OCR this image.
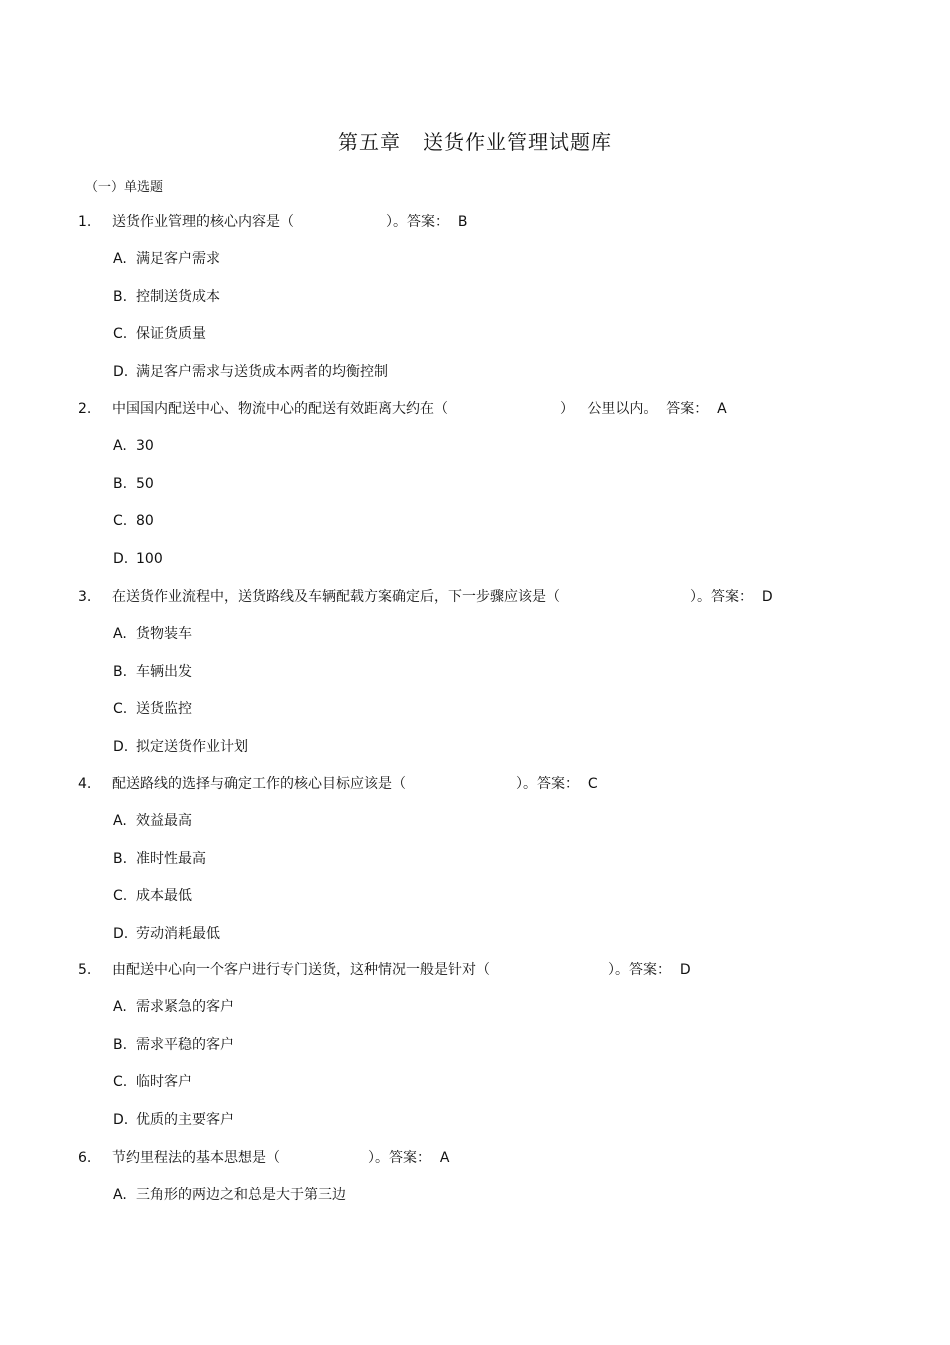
第五章   送货作业管理试题库
（一）单选题
1. 送货作业管理的核心内容是（	）。答案：  B
A. 满足客户需求
B. 控制送货成本
C. 保证货质量
D. 满足客户需求与送货成本两者的均衡控制
2. 中国国内配送中心、物流中心的配送有效距离大约在（	）   公里以内。  答案：  A
A. 30
B. 50
C. 80
D. 100
3. 在送货作业流程中，送货路线及车辆配载方案确定后，下一步骤应该是（	）。答案：  D
A. 货物装车
B. 车辆出发
C. 送货监控
D. 拟定送货作业计划
4. 配送路线的选择与确定工作的核心目标应该是（	）。答案：  C
A. 效益最高
B. 准时性最高
C. 成本最低
D. 劳动消耗最低
5. 由配送中心向一个客户进行专门送货，这种情况一般是针对（	）。答案：  D
A. 需求紧急的客户
B. 需求平稳的客户
C. 临时客户
D. 优质的主要客户
6. 节约里程法的基本思想是（	）。答案：  A
A. 三角形的两边之和总是大于第三边
